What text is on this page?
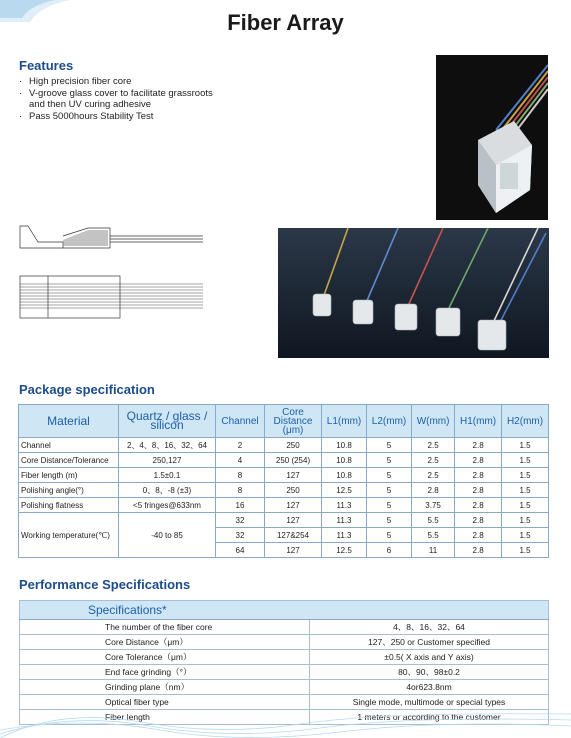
Fiber Array
Features
· High precision fiber core
· V-groove glass cover to facilitate grassroots and then UV curing adhesive
· Pass 5000hours Stability Test
Package specification
Material	Quartz / glass / silicon	Channel	Core Distance (μm)	L1(mm)	L2(mm)	W(mm)	H1(mm)	H2(mm)
Channel	2、4、8、16、32、64	2	250	10.8	5	2.5	2.8	1.5
Core Distance/Tolerance	250,127	4	250 (254)	10.8	5	2.5	2.8	1.5
Fiber length (m)	1.5±0.1	8	127	10.8	5	2.5	2.8	1.5
Polishing angle(°)	0、8、-8 (±3)	8	250	12.5	5	2.8	2.8	1.5
Polishing flatness	<5 fringes@633nm	16	127	11.3	5	3.75	2.8	1.5
Working temperature(℃)	-40 to 85	32	127	11.3	5	5.5	2.8	1.5
		32	127&254	11.3	5	5.5	2.8	1.5
		64	127	12.5	6	11	2.8	1.5
Performance Specifications
Specifications*	
The number of the fiber core	4、8、16、32、64
Core Distance（μm）	127、250 or Customer specified
Core Tolerance（μm）	±0.5( X axis and Y axis)
End face grinding（°）	80、90、98±0.2
Grinding plane（nm）	4or623.8nm
Optical fiber type	Single mode, multimode or special types
Fiber length	1 meters or according to the customer
